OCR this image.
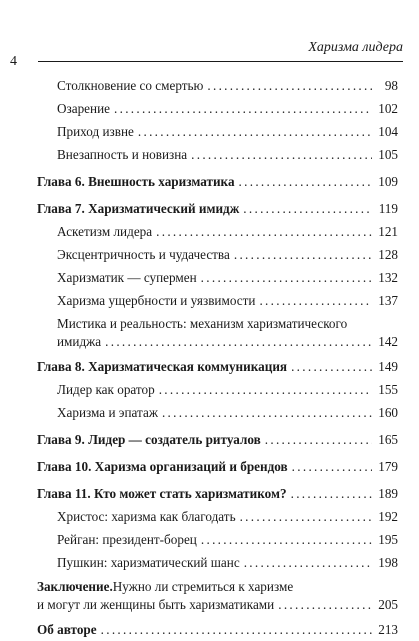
4
Харизма лидера
Столкновение со смертью . . .	98
Озарение . . .	102
Приход извне . . .	104
Внезапность и новизна . . .	105
Глава 6. Внешность харизматика . . .	109
Глава 7. Харизматический имидж . . .	119
Аскетизм лидера . . .	121
Эксцентричность и чудачества . . .	128
Харизматик — супермен . . .	132
Харизма ущербности и уязвимости . . .	137
Мистика и реальность: механизм харизматического
имиджа . . .	142
Глава 8. Харизматическая коммуникация . . .	149
Лидер как оратор . . .	155
Харизма и эпатаж . . .	160
Глава 9. Лидер — создатель ритуалов . . .	165
Глава 10. Харизма организаций и брендов . . .	179
Глава 11. Кто может стать харизматиком? . . .	189
Христос: харизма как благодать . . .	192
Рейган: президент-борец . . .	195
Пушкин: харизматический шанс . . .	198
Заключение. Нужно ли стремиться к харизме
и могут ли женщины быть харизматиками . . .	205
Об авторе . . .	213
